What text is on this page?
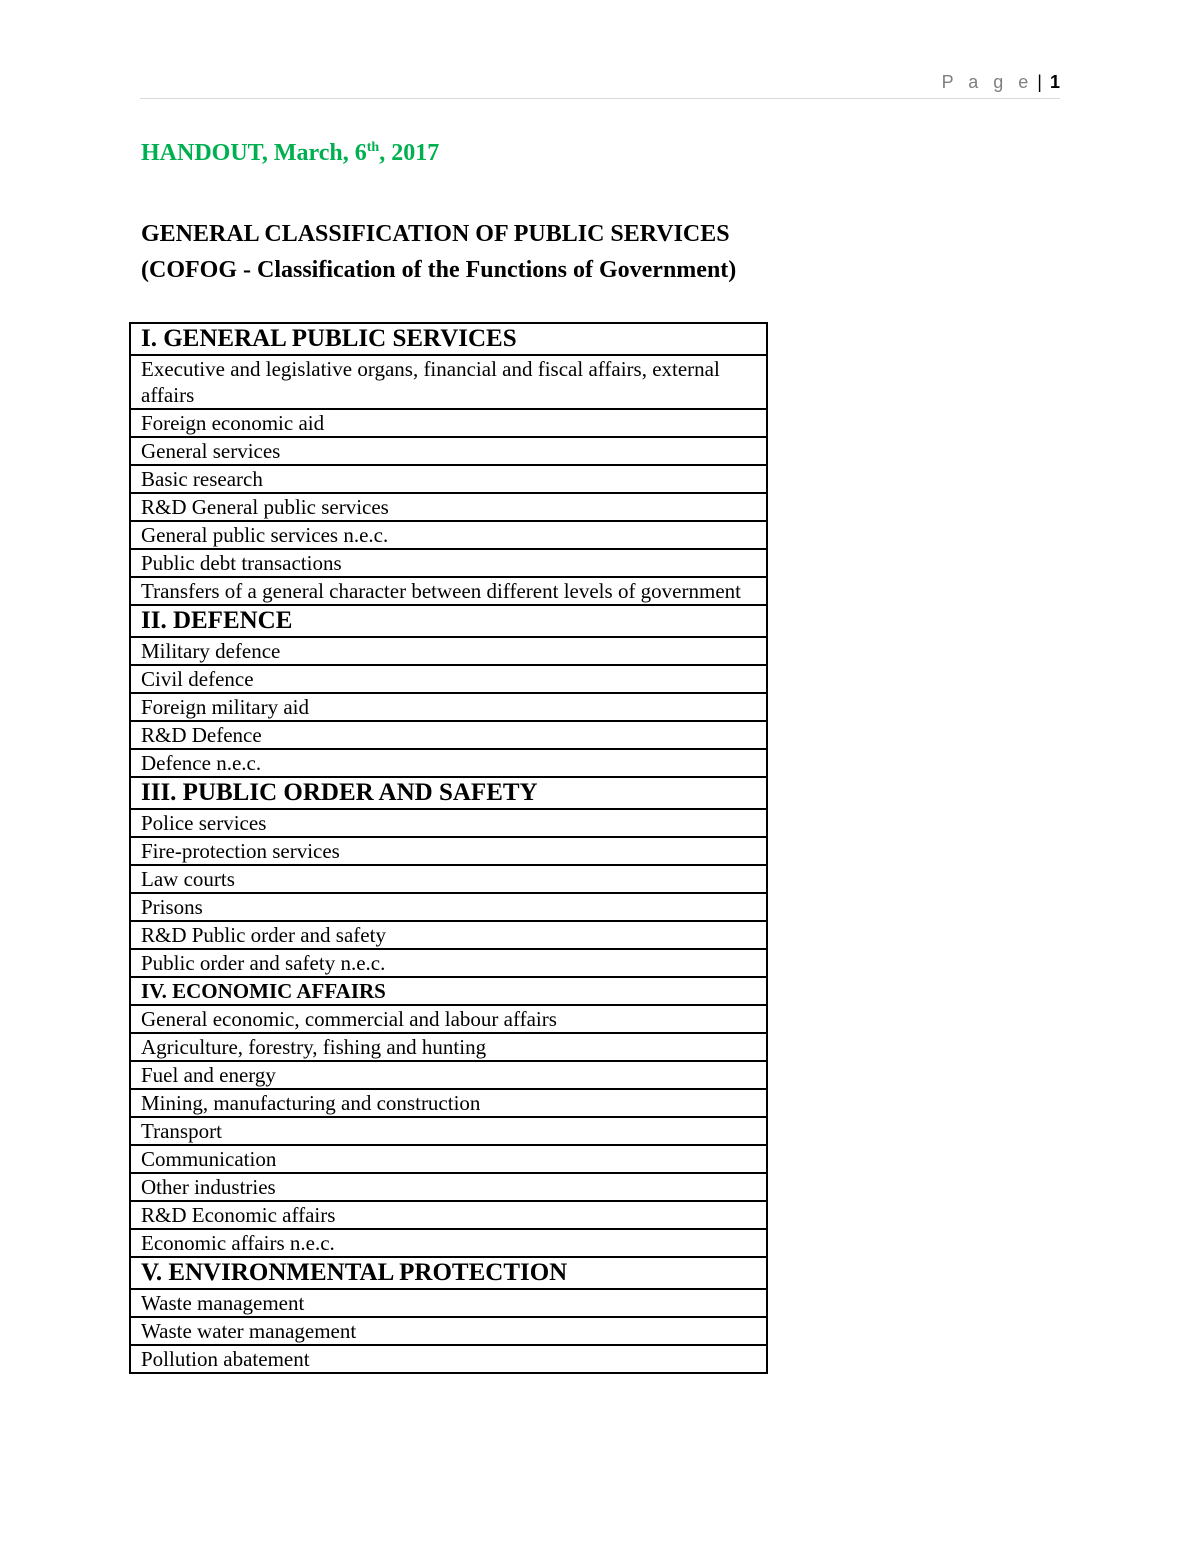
P a g e | 1
HANDOUT, March, 6th, 2017
GENERAL CLASSIFICATION OF PUBLIC SERVICES
(COFOG - Classification of the Functions of Government)
I. GENERAL PUBLIC SERVICES
Executive and legislative organs, financial and fiscal affairs, external affairs
Foreign economic aid
General services
Basic research
R&D General public services
General public services n.e.c.
Public debt transactions
Transfers of a general character between different levels of government
II. DEFENCE
Military defence
Civil defence
Foreign military aid
R&D Defence
Defence n.e.c.
III. PUBLIC ORDER AND SAFETY
Police services
Fire-protection services
Law courts
Prisons
R&D Public order and safety
Public order and safety n.e.c.
IV. ECONOMIC AFFAIRS
General economic, commercial and labour affairs
Agriculture, forestry, fishing and hunting
Fuel and energy
Mining, manufacturing and construction
Transport
Communication
Other industries
R&D Economic affairs
Economic affairs n.e.c.
V. ENVIRONMENTAL PROTECTION
Waste management
Waste water management
Pollution abatement
